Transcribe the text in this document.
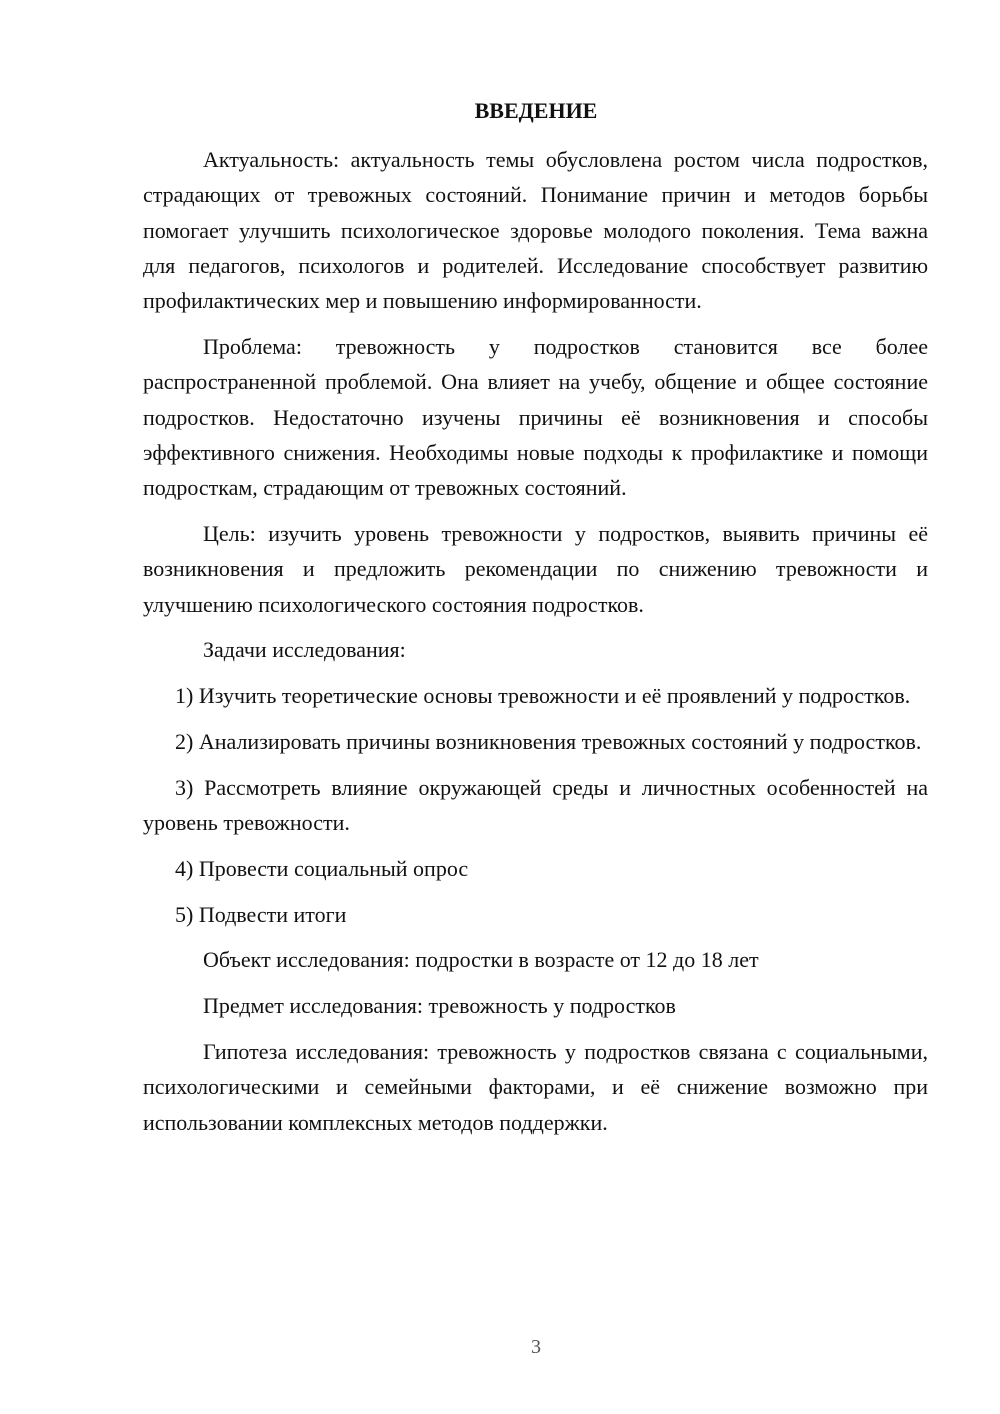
ВВЕДЕНИЕ

Актуальность: актуальность темы обусловлена ростом числа подростков, страдающих от тревожных состояний. Понимание причин и методов борьбы помогает улучшить психологическое здоровье молодого поколения. Тема важна для педагогов, психологов и родителей. Исследование способствует развитию профилактических мер и повышению информированности.

Проблема: тревожность у подростков становится все более распространенной проблемой. Она влияет на учебу, общение и общее состояние подростков. Недостаточно изучены причины её возникновения и способы эффективного снижения. Необходимы новые подходы к профилактике и помощи подросткам, страдающим от тревожных состояний.

Цель: изучить уровень тревожности у подростков, выявить причины её возникновения и предложить рекомендации по снижению тревожности и улучшению психологического состояния подростков.

Задачи исследования:

1) Изучить теоретические основы тревожности и её проявлений у подростков.

2) Анализировать причины возникновения тревожных состояний у подростков.

3) Рассмотреть влияние окружающей среды и личностных особенностей на уровень тревожности.

4) Провести социальный опрос

5) Подвести итоги

Объект исследования: подростки в возрасте от 12 до 18 лет

Предмет исследования: тревожность у подростков

Гипотеза исследования: тревожность у подростков связана с социальными, психологическими и семейными факторами, и её снижение возможно при использовании комплексных методов поддержки.

3
